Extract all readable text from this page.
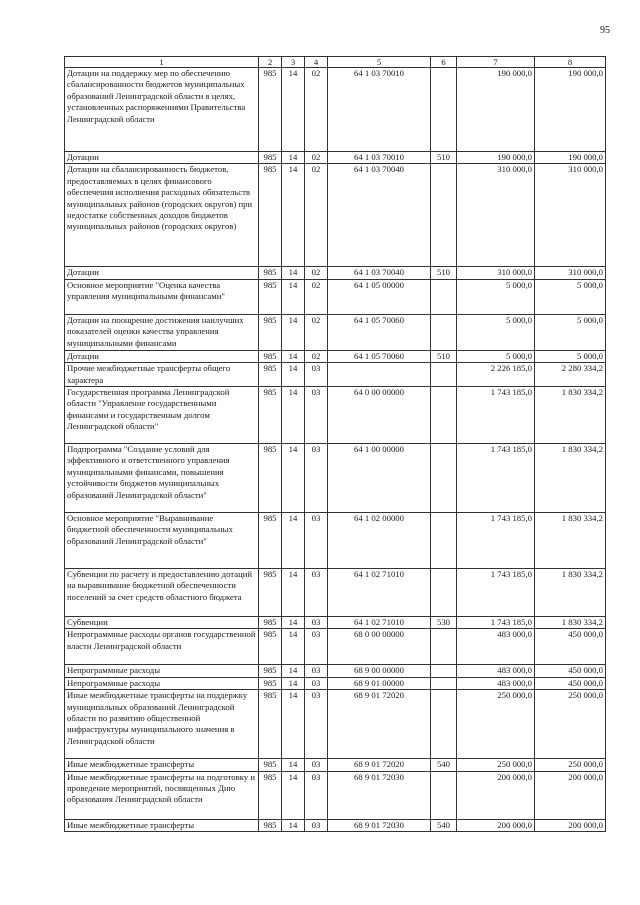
95
1	2	3	4	5	6	7	8
Дотации на поддержку мер по обеспечению сбалансированности бюджетов муниципальных образований Ленинградской области в целях, установленных распоряжениями Правительства Ленинградской области	985	14	02	64 1 03 70010		190 000,0	190 000,0
Дотации	985	14	02	64 1 03 70010	510	190 000,0	190 000,0
Дотации на сбалансированность бюджетов, предоставляемых в целях финансового обеспечения исполнения расходных обязательств муниципальных районов (городских округов) при недостатке собственных доходов бюджетов муниципальных районов (городских округов)	985	14	02	64 1 03 70040		310 000,0	310 000,0
Дотации	985	14	02	64 1 03 70040	510	310 000,0	310 000,0
Основное мероприятие "Оценка качества управления муниципальными финансами"	985	14	02	64 1 05 00000		5 000,0	5 000,0
Дотации на поощрение достижения наилучших показателей оценки качества управления муниципальными финансами	985	14	02	64 1 05 70060		5 000,0	5 000,0
Дотации	985	14	02	64 1 05 70060	510	5 000,0	5 000,0
Прочие межбюджетные трансферты общего характера	985	14	03			2 226 185,0	2 280 334,2
Государственная программа Ленинградской области "Управление государственными финансами и государственным долгом Ленинградской области"	985	14	03	64 0 00 00000		1 743 185,0	1 830 334,2
Подпрограмма "Создание условий для эффективного и ответственного управления муниципальными финансами, повышения устойчивости бюджетов муниципальных образований Ленинградской области"	985	14	03	64 1 00 00000		1 743 185,0	1 830 334,2
Основное мероприятие "Выравнивание бюджетной обеспеченности муниципальных образований Ленинградской области"	985	14	03	64 1 02 00000		1 743 185,0	1 830 334,2
Субвенции по расчету и предоставлению дотаций на выравнивание бюджетной обеспеченности поселений за счет средств областного бюджета	985	14	03	64 1 02 71010		1 743 185,0	1 830 334,2
Субвенции	985	14	03	64 1 02 71010	530	1 743 185,0	1 830 334,2
Непрограммные расходы органов государственной власти Ленинградской области	985	14	03	68 0 00 00000		483 000,0	450 000,0
Непрограммные расходы	985	14	03	68 9 00 00000		483 000,0	450 000,0
Непрограммные расходы	985	14	03	68 9 01 00000		483 000,0	450 000,0
Иные межбюджетные трансферты на поддержку муниципальных образований Ленинградской области по развитию общественной инфраструктуры муниципального значения в Ленинградской области	985	14	03	68 9 01 72020		250 000,0	250 000,0
Иные межбюджетные трансферты	985	14	03	68 9 01 72020	540	250 000,0	250 000,0
Иные межбюджетные трансферты на подготовку и проведение мероприятий, посвященных Дню образования Ленинградской области	985	14	03	68 9 01 72030		200 000,0	200 000,0
Иные межбюджетные трансферты	985	14	03	68 9 01 72030	540	200 000,0	200 000,0
